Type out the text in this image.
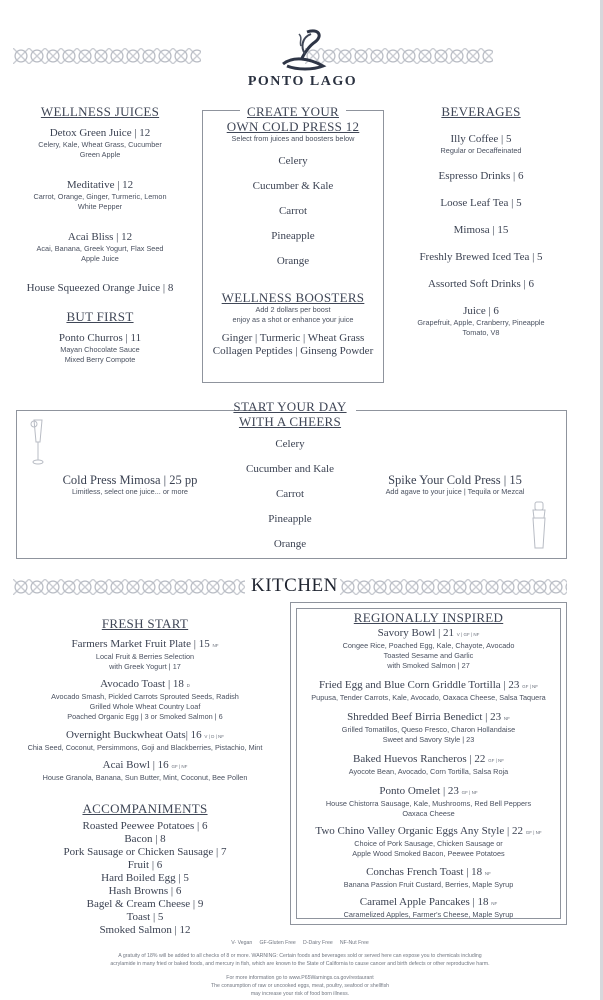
PONTO LAGO
WELLNESS JUICES
Detox Green Juice | 12
Celery, Kale, Wheat Grass, Cucumber
Green Apple
Meditative | 12
Carrot, Orange, Ginger, Turmeric, Lemon
White Pepper
Acai Bliss | 12
Acai, Banana, Greek Yogurt, Flax Seed
Apple Juice
House Squeezed Orange Juice | 8
BUT FIRST
Ponto Churros | 11
Mayan Chocolate Sauce
Mixed Berry Compote
CREATE YOUR
OWN COLD PRESS 12
Select from juices and boosters below
Celery
Cucumber & Kale
Carrot
Pineapple
Orange
WELLNESS BOOSTERS
Add 2 dollars per boost
enjoy as a shot or enhance your juice
Ginger | Turmeric | Wheat Grass
Collagen Peptides | Ginseng Powder
BEVERAGES
Illy Coffee | 5
Regular or Decaffeinated
Espresso Drinks | 6
Loose Leaf Tea | 5
Mimosa | 15
Freshly Brewed Iced Tea | 5
Assorted Soft Drinks | 6
Juice | 6
Grapefruit, Apple, Cranberry, Pineapple
Tomato, V8
START YOUR DAY
WITH A CHEERS
Celery
Cucumber and Kale
Carrot
Pineapple
Orange
Cold Press Mimosa | 25 pp
Limitless, select one juice... or more
Spike Your Cold Press | 15
Add agave to your juice | Tequila or Mezcal
KITCHEN
FRESH START
Farmers Market Fruit Plate | 15 NF
Local Fruit & Berries Selection
with Greek Yogurt | 17
Avocado Toast | 18 D
Avocado Smash, Pickled Carrots Sprouted Seeds, Radish
Grilled Whole Wheat Country Loaf
Poached Organic Egg | 3 or Smoked Salmon | 6
Overnight Buckwheat Oats| 16 V | D | NF
Chia Seed, Coconut, Persimmons, Goji and Blackberries, Pistachio, Mint
Acai Bowl | 16 GF | NF
House Granola, Banana, Sun Butter, Mint, Coconut, Bee Pollen
ACCOMPANIMENTS
Roasted Peewee Potatoes | 6
Bacon | 8
Pork Sausage or Chicken Sausage | 7
Fruit | 6
Hard Boiled Egg | 5
Hash Browns | 6
Bagel & Cream Cheese | 9
Toast | 5
Smoked Salmon | 12
REGIONALLY INSPIRED
Savory Bowl | 21 V | GF | NF
Congee Rice, Poached Egg, Kale, Chayote, Avocado
Toasted Sesame and Garlic
with Smoked Salmon | 27
Fried Egg and Blue Corn Griddle Tortilla | 23 GF | NF
Pupusa, Tender Carrots, Kale, Avocado, Oaxaca Cheese, Salsa Taquera
Shredded Beef Birria Benedict | 23 NF
Grilled Tomatillos, Queso Fresco, Charon Hollandaise
Sweet and Savory Style | 23
Baked Huevos Rancheros | 22 GF | NF
Ayocote Bean, Avocado, Corn Tortilla, Salsa Roja
Ponto Omelet | 23 GF | NF
House Chistorra Sausage, Kale, Mushrooms, Red Bell Peppers
Oaxaca Cheese
Two Chino Valley Organic Eggs Any Style | 22 GF | NF
Choice of Pork Sausage, Chicken Sausage or
Apple Wood Smoked Bacon, Peewee Potatoes
Conchas French Toast | 18 NF
Banana Passion Fruit Custard, Berries, Maple Syrup
Caramel Apple Pancakes | 18 NF
Caramelized Apples, Farmer's Cheese, Maple Syrup
V- Vegan     GF-Gluten Free     D-Dairy Free     NF-Nut Free
A gratuity of 18% will be added to all checks of 8 or more. WARNING: Certain foods and beverages sold or served here can expose you to chemicals including
acrylamide in many fried or baked foods, and mercury in fish, which are known to the State of California to cause cancer and birth defects or other reproductive harm.
For more information go to www.P65Warnings.ca.gov/restaurant
The consumption of raw or uncooked eggs, meat, poultry, seafood or shellfish
may increase your risk of food born illness.
